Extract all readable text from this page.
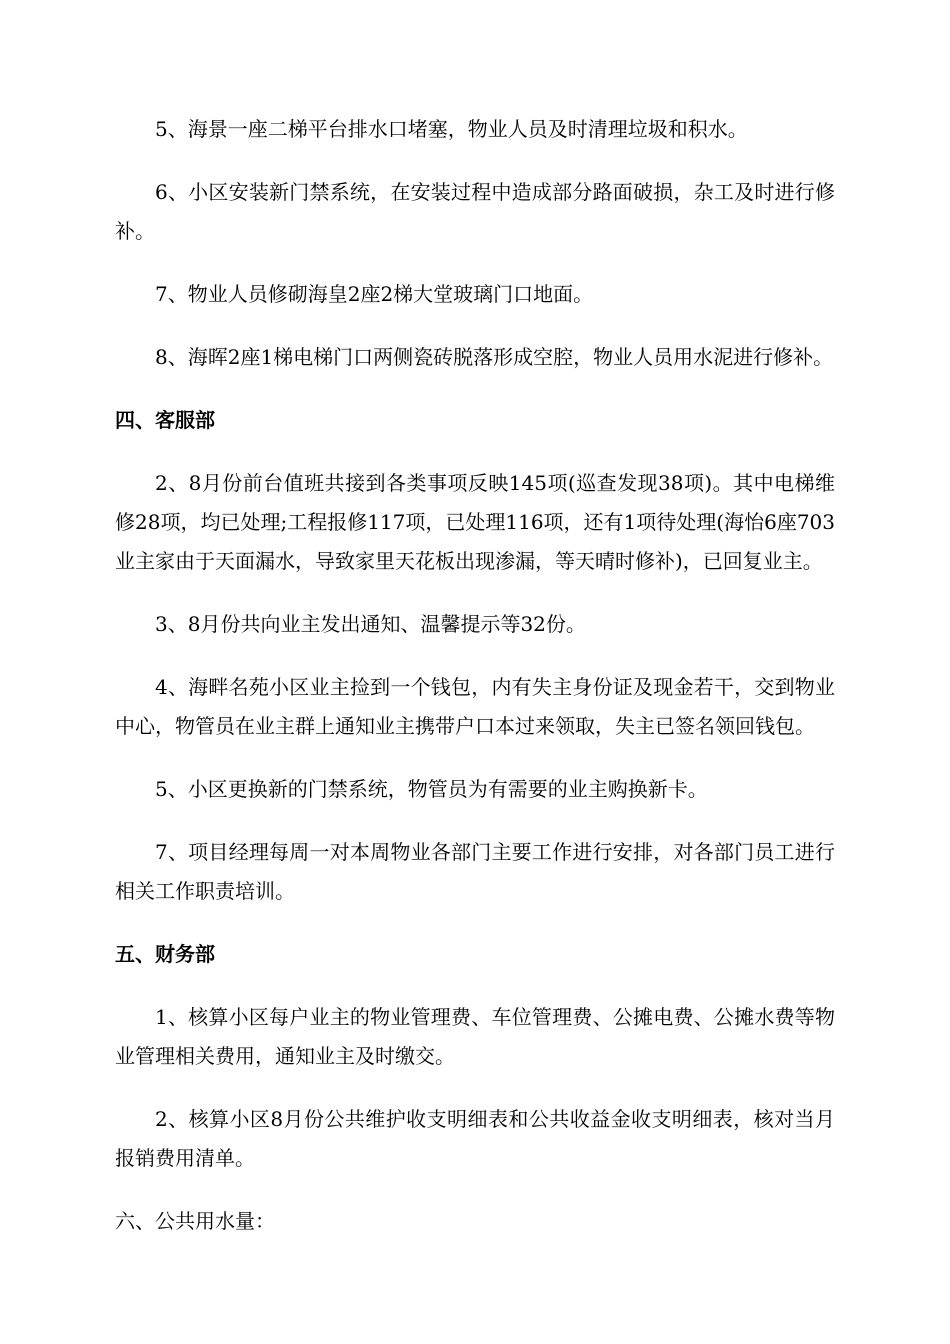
5、海景一座二梯平台排水口堵塞，物业人员及时清理垃圾和积水。

6、小区安装新门禁系统，在安装过程中造成部分路面破损，杂工及时进行修补。

7、物业人员修砌海皇2座2梯大堂玻璃门口地面。

8、海晖2座1梯电梯门口两侧瓷砖脱落形成空腔，物业人员用水泥进行修补。

四、客服部

2、8月份前台值班共接到各类事项反映145项(巡查发现38项)。其中电梯维修28项，均已处理;工程报修117项，已处理116项，还有1项待处理(海怡6座703业主家由于天面漏水，导致家里天花板出现渗漏，等天晴时修补)，已回复业主。

3、8月份共向业主发出通知、温馨提示等32份。

4、海畔名苑小区业主捡到一个钱包，内有失主身份证及现金若干，交到物业中心，物管员在业主群上通知业主携带户口本过来领取，失主已签名领回钱包。

5、小区更换新的门禁系统，物管员为有需要的业主购换新卡。

7、项目经理每周一对本周物业各部门主要工作进行安排，对各部门员工进行相关工作职责培训。

五、财务部

1、核算小区每户业主的物业管理费、车位管理费、公摊电费、公摊水费等物业管理相关费用，通知业主及时缴交。

2、核算小区8月份公共维护收支明细表和公共收益金收支明细表，核对当月报销费用清单。

六、公共用水量：
